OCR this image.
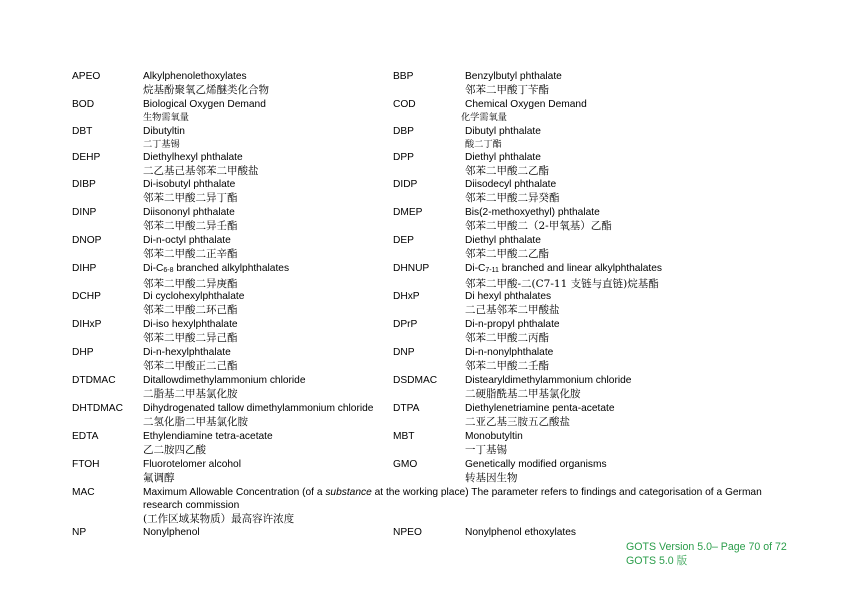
APEO	Alkylphenolethoxylates
烷基酚聚氧乙烯醚类化合物
BBP	Benzylbutyl phthalate
邻苯二甲酸丁苄酯
BOD	Biological Oxygen Demand
生物需氧量
COD	Chemical Oxygen Demand
化学需氧量
DBT	Dibutyltin
二丁基锡
DBP	Dibutyl phthalate
酸二丁酯
DEHP	Diethylhexyl phthalate
二乙基己基邻苯二甲酸盐
DPP	Diethyl phthalate
邻苯二甲酸二乙酯
DIBP	Di-isobutyl phthalate
邻苯二甲酸二异丁酯
DIDP	Diisodecyl phthalate
邻苯二甲酸二异癸酯
DINP	Diisononyl phthalate
邻苯二甲酸二异壬酯
DMEP	Bis(2-methoxyethyl) phthalate
邻苯二甲酸二（2-甲氧基）乙酯
DNOP	Di-n-octyl phthalate
邻苯二甲酸二正辛酯
DEP	Diethyl phthalate
邻苯二甲酸二乙酯
DIHP	$Di-C_{6-8}$ branched alkylphthalates
邻苯二甲酸二异庚酯
DHNUP	$Di-C_{7-11}$ branched and linear alkylphthalates
邻苯二甲酸-二(C7-11 支链与直链)烷基酯
DCHP	Di cyclohexylphthalate
邻苯二甲酸二环己酯
DHxP	Di hexyl phthalates
二己基邻苯二甲酸盐
DIHxP	Di-iso hexylphthalate
邻苯二甲酸二异己酯
DPrP	Di-n-propyl phthalate
邻苯二甲酸二丙酯
DHP	Di-n-hexylphthalate
邻苯二甲酸正二己酯
DNP	Di-n-nonylphthalate
邻苯二甲酸二壬酯
DTDMAC	Ditallowdimethylammonium chloride
二脂基二甲基氯化胺
DSDMAC	Distearyldimethylammonium chloride
二硬脂酰基二甲基氯化胺
DHTDMAC Dihydrogenated tallow dimethylammonium chloride
二氢化脂二甲基氯化胺
DTPA	Diethylenetriamine penta-acetate
二亚乙基三胺五乙酸盐
EDTA	Ethylendiamine tetra-acetate
乙二胺四乙酸
MBT	Monobutyltin
一丁基锡
FTOH	Fluorotelomer alcohol
氟调醇
GMO	Genetically modified organisms
转基因生物
MAC	Maximum Allowable Concentration (of a substance at the working place) The parameter refers to findings and categorisation of a German research commission
(工作区域某物质）最高容许浓度
NP	Nonylphenol	NPEO	Nonylphenol ethoxylates
GOTS Version 5.0– Page 70 of 72
GOTS 5.0 版
